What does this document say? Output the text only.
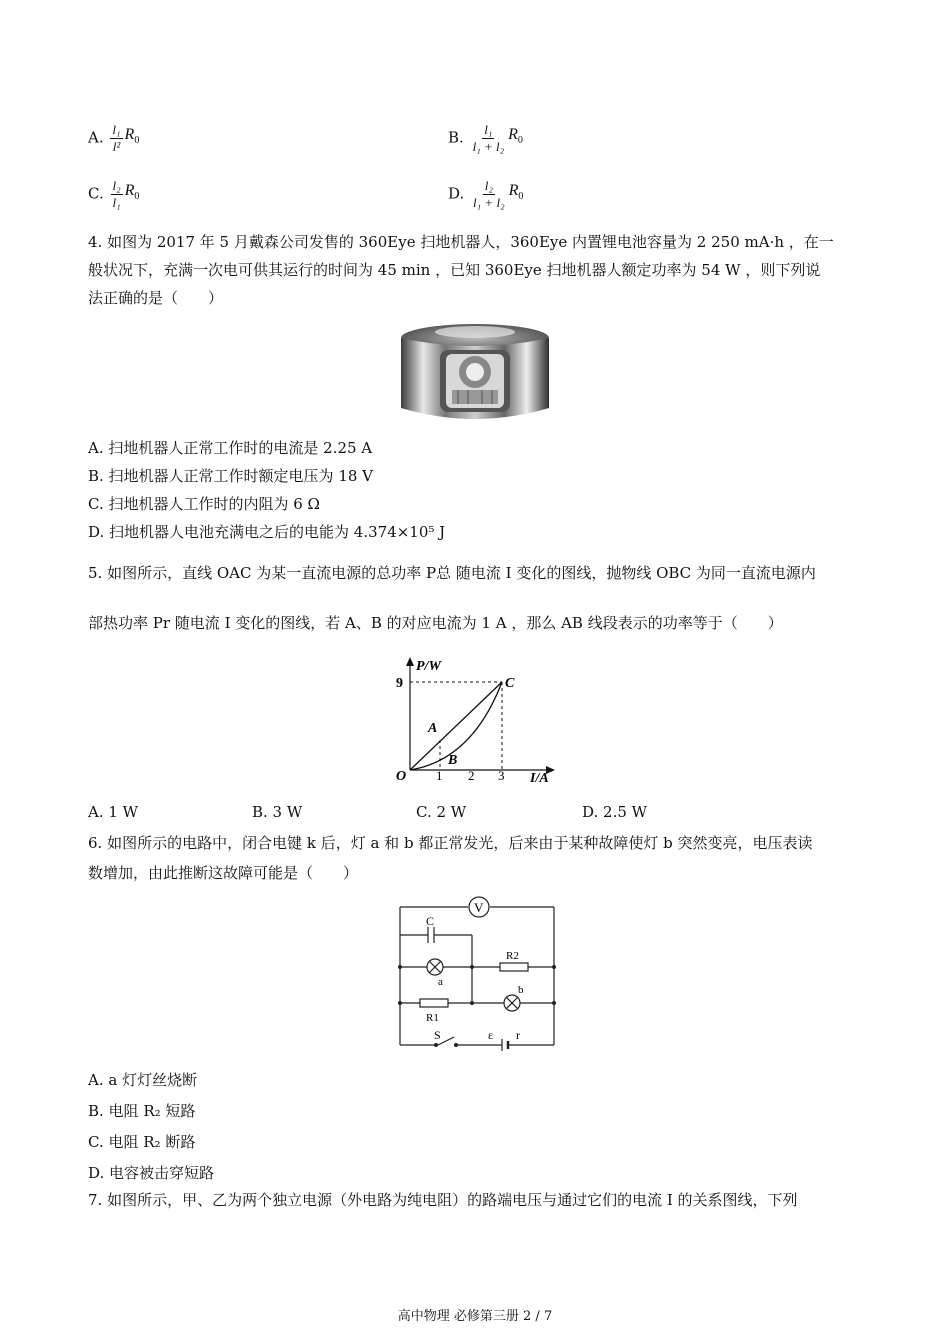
A. $\frac{\text{l₁}}{\text{l²}} R_0$	B. $\frac{\text{l₁}}{\text{l₁ + l₂}} R_0$
C. $\frac{\text{l₂}}{\text{l₁}} R_0$	D. $\frac{\text{l₂}}{\text{l₁ + l₂}} R_0$
4. 如图为 2017 年 5 月戴森公司发售的 360Eye 扫地机器人，360Eye 内置锂电池容量为 2 250 mA·h ，在一
般状况下，充满一次电可供其运行的时间为 45 min ，已知 360Eye 扫地机器人额定功率为 54 W ，则下列说
法正确的是（　　）
A. 扫地机器人正常工作时的电流是 2.25 A
B. 扫地机器人正常工作时额定电压为 18 V
C. 扫地机器人工作时的内阻为 6 Ω
D. 扫地机器人电池充满电之后的电能为 4.374×10⁵ J
5. 如图所示，直线 OAC 为某一直流电源的总功率 P总 随电流 I 变化的图线，抛物线 OBC 为同一直流电源内
部热功率 Pr 随电流 I 变化的图线，若 A、B 的对应电流为 1 A ，那么 AB 线段表示的功率等于（　　）
P/W
I/A
O
9
1 2 3
A
B
C
A. 1 W	B. 3 W	C. 2 W	D. 2.5 W
6. 如图所示的电路中，闭合电键 k 后，灯 a 和 b 都正常发光，后来由于某种故障使灯 b 突然变亮，电压表读
数增加，由此推断这故障可能是（　　）
V
C
a
b
R2
R1
S	ε r
A. a 灯灯丝烧断
B. 电阻 R₂ 短路
C. 电阻 R₂ 断路
D. 电容被击穿短路
7. 如图所示，甲、乙为两个独立电源（外电路为纯电阻）的路端电压与通过它们的电流 I 的关系图线，下列
高中物理 必修第三册 2 / 7
